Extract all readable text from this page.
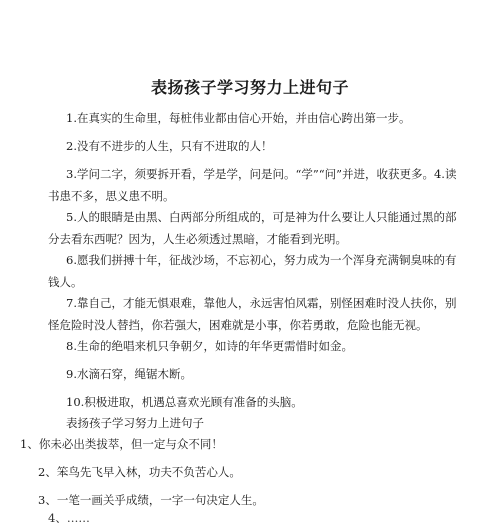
表扬孩子学习努力上进句子

1.在真实的生命里，每桩伟业都由信心开始，并由信心跨出第一步。

2.没有不进步的人生，只有不进取的人！

3.学问二字，须要拆开看，学是学，问是问。“学”“问”并进，收获更多。4.读书患不多，思义患不明。

5.人的眼睛是由黑、白两部分所组成的，可是神为什么要让人只能通过黑的部分去看东西呢？因为，人生必须透过黑暗，才能看到光明。

6.愿我们拼搏十年，征战沙场，不忘初心，努力成为一个浑身充满铜臭味的有钱人。

7.靠自己，才能无惧艰难，靠他人，永远害怕风霜，别怪困难时没人扶你，别怪危险时没人替挡，你若强大，困难就是小事，你若勇敢，危险也能无视。

8.生命的绝唱来机只争朝夕，如诗的年华更需惜时如金。

9.水滴石穿，绳锯木断。

10.积极进取，机遇总喜欢光顾有准备的头脑。

表扬孩子学习努力上进句子

1、你未必出类拔萃，但一定与众不同！

2、笨鸟先飞早入林，功夫不负苦心人。

3、一笔一画关乎成绩，一字一句决定人生。

4、……
